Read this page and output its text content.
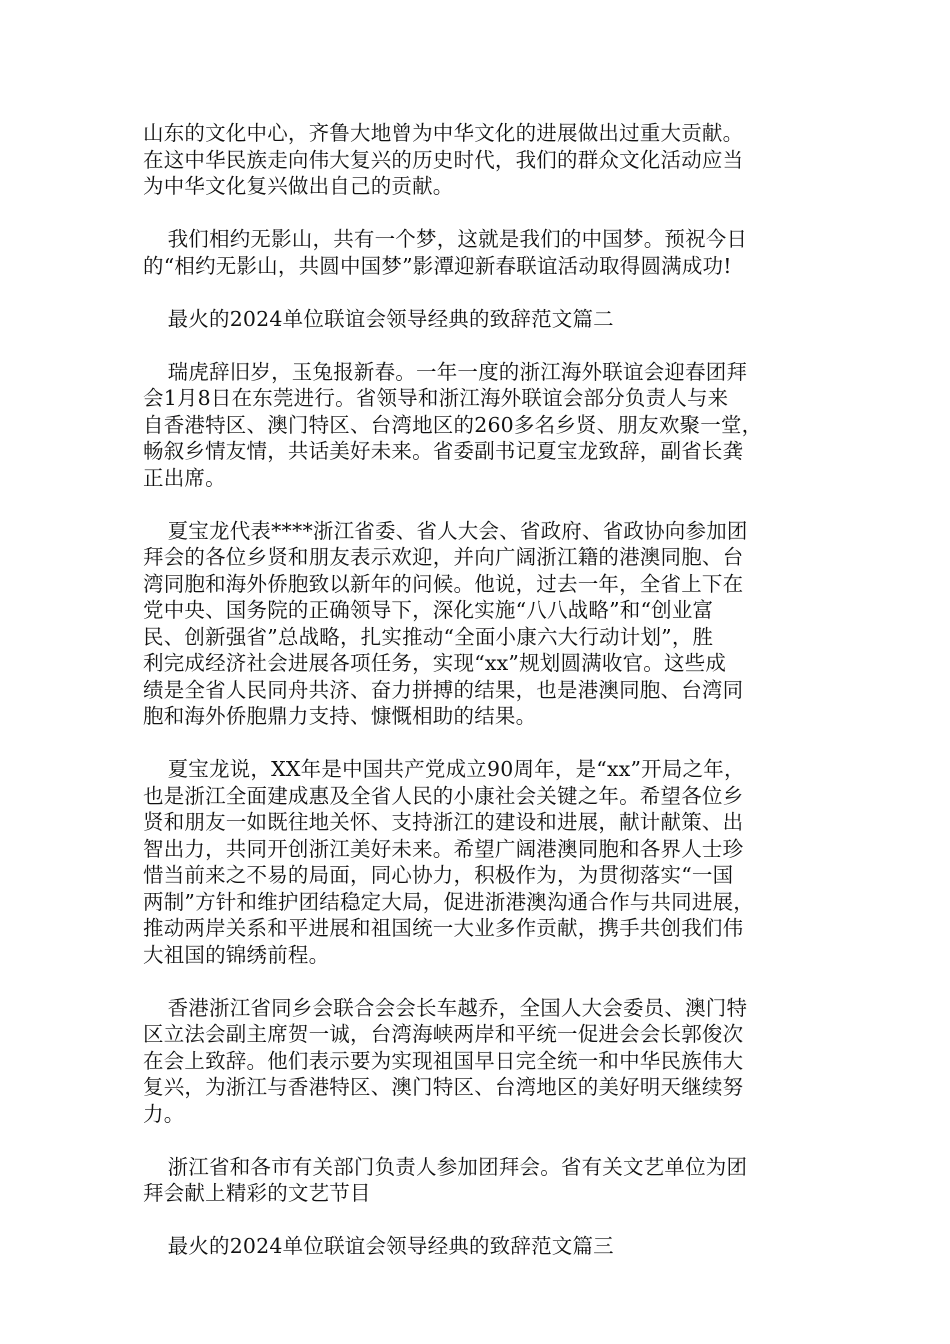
山东的文化中心，齐鲁大地曾为中华文化的进展做出过重大贡献。
在这中华民族走向伟大复兴的历史时代，我们的群众文化活动应当
为中华文化复兴做出自己的贡献。

我们相约无影山，共有一个梦，这就是我们的中国梦。预祝今日
的“相约无影山，共圆中国梦”影潭迎新春联谊活动取得圆满成功!

最火的2024单位联谊会领导经典的致辞范文篇二

瑞虎辞旧岁，玉兔报新春。一年一度的浙江海外联谊会迎春团拜
会1月8日在东莞进行。省领导和浙江海外联谊会部分负责人与来
自香港特区、澳门特区、台湾地区的260多名乡贤、朋友欢聚一堂，
畅叙乡情友情，共话美好未来。省委副书记夏宝龙致辞，副省长龚
正出席。

夏宝龙代表****浙江省委、省人大会、省政府、省政协向参加团
拜会的各位乡贤和朋友表示欢迎，并向广阔浙江籍的港澳同胞、台
湾同胞和海外侨胞致以新年的问候。他说，过去一年，全省上下在
党中央、国务院的正确领导下，深化实施“八八战略”和“创业富
民、创新强省”总战略，扎实推动“全面小康六大行动计划”，胜
利完成经济社会进展各项任务，实现“xx”规划圆满收官。这些成
绩是全省人民同舟共济、奋力拼搏的结果，也是港澳同胞、台湾同
胞和海外侨胞鼎力支持、慷慨相助的结果。

夏宝龙说，XX年是中国共产党成立90周年，是“xx”开局之年，
也是浙江全面建成惠及全省人民的小康社会关键之年。希望各位乡
贤和朋友一如既往地关怀、支持浙江的建设和进展，献计献策、出
智出力，共同开创浙江美好未来。希望广阔港澳同胞和各界人士珍
惜当前来之不易的局面，同心协力，积极作为，为贯彻落实“一国
两制”方针和维护团结稳定大局，促进浙港澳沟通合作与共同进展，
推动两岸关系和平进展和祖国统一大业多作贡献，携手共创我们伟
大祖国的锦绣前程。

香港浙江省同乡会联合会会长车越乔，全国人大会委员、澳门特
区立法会副主席贺一诚，台湾海峡两岸和平统一促进会会长郭俊次
在会上致辞。他们表示要为实现祖国早日完全统一和中华民族伟大
复兴，为浙江与香港特区、澳门特区、台湾地区的美好明天继续努
力。

浙江省和各市有关部门负责人参加团拜会。省有关文艺单位为团
拜会献上精彩的文艺节目

最火的2024单位联谊会领导经典的致辞范文篇三
